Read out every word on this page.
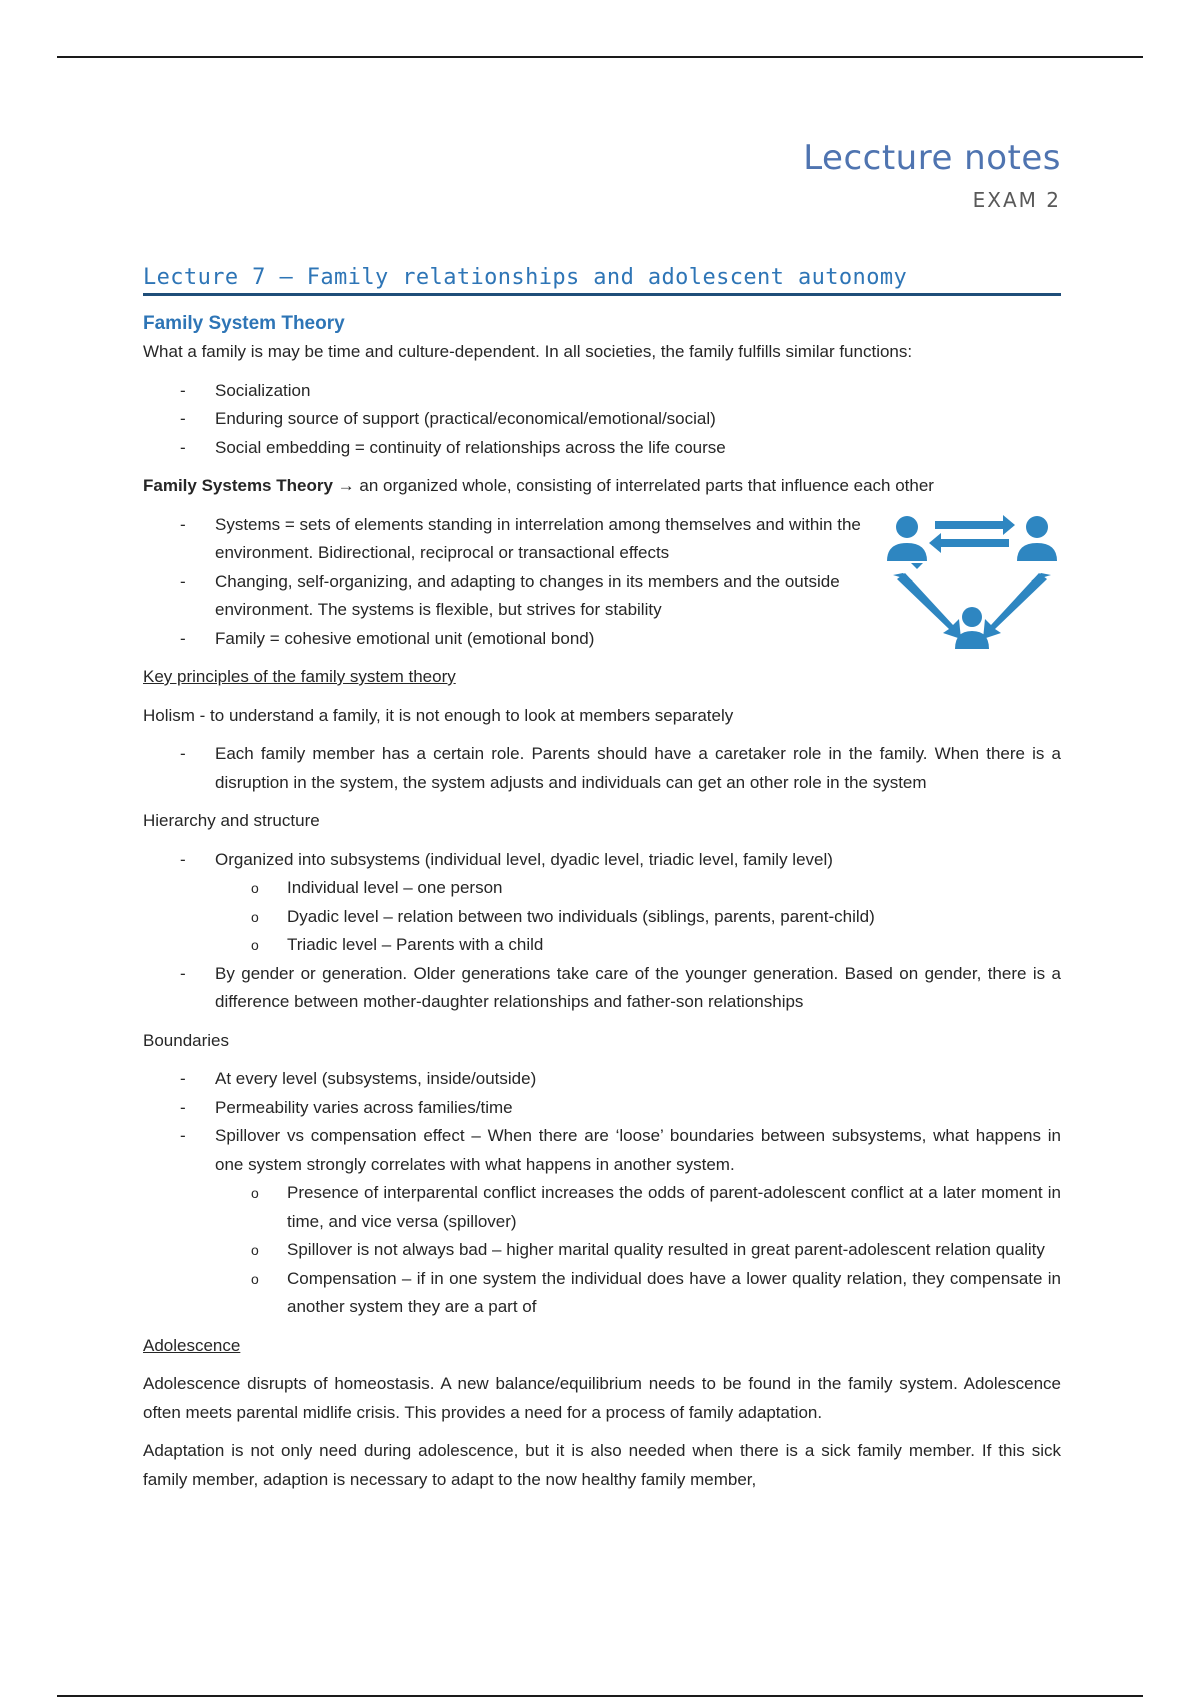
Leccture notes
EXAM 2
Lecture 7 – Family relationships and adolescent autonomy
Family System Theory

What a family is may be time and culture-dependent. In all societies, the family fulfills similar functions:

- Socialization
- Enduring source of support (practical/economical/emotional/social)
- Social embedding = continuity of relationships across the life course

Family Systems Theory → an organized whole, consisting of interrelated parts that influence each other

- Systems = sets of elements standing in interrelation among themselves and within the environment. Bidirectional, reciprocal or transactional effects
- Changing, self-organizing, and adapting to changes in its members and the outside environment. The systems is flexible, but strives for stability
- Family = cohesive emotional unit (emotional bond)

Key principles of the family system theory

Holism - to understand a family, it is not enough to look at members separately

- Each family member has a certain role. Parents should have a caretaker role in the family. When there is a disruption in the system, the system adjusts and individuals can get an other role in the system

Hierarchy and structure

- Organized into subsystems (individual level, dyadic level, triadic level, family level)
o Individual level – one person
o Dyadic level – relation between two individuals (siblings, parents, parent-child)
o Triadic level – Parents with a child
- By gender or generation. Older generations take care of the younger generation. Based on gender, there is a difference between mother-daughter relationships and father-son relationships

Boundaries

- At every level (subsystems, inside/outside)
- Permeability varies across families/time
- Spillover vs compensation effect – When there are ‘loose’ boundaries between subsystems, what happens in one system strongly correlates with what happens in another system.
o Presence of interparental conflict increases the odds of parent-adolescent conflict at a later moment in time, and vice versa (spillover)
o Spillover is not always bad – higher marital quality resulted in great parent-adolescent relation quality
o Compensation – if in one system the individual does have a lower quality relation, they compensate in another system they are a part of

Adolescence

Adolescence disrupts of homeostasis. A new balance/equilibrium needs to be found in the family system. Adolescence often meets parental midlife crisis. This provides a need for a process of family adaptation.

Adaptation is not only need during adolescence, but it is also needed when there is a sick family member. If this sick family member, adaption is necessary to adapt to the now healthy family member,
